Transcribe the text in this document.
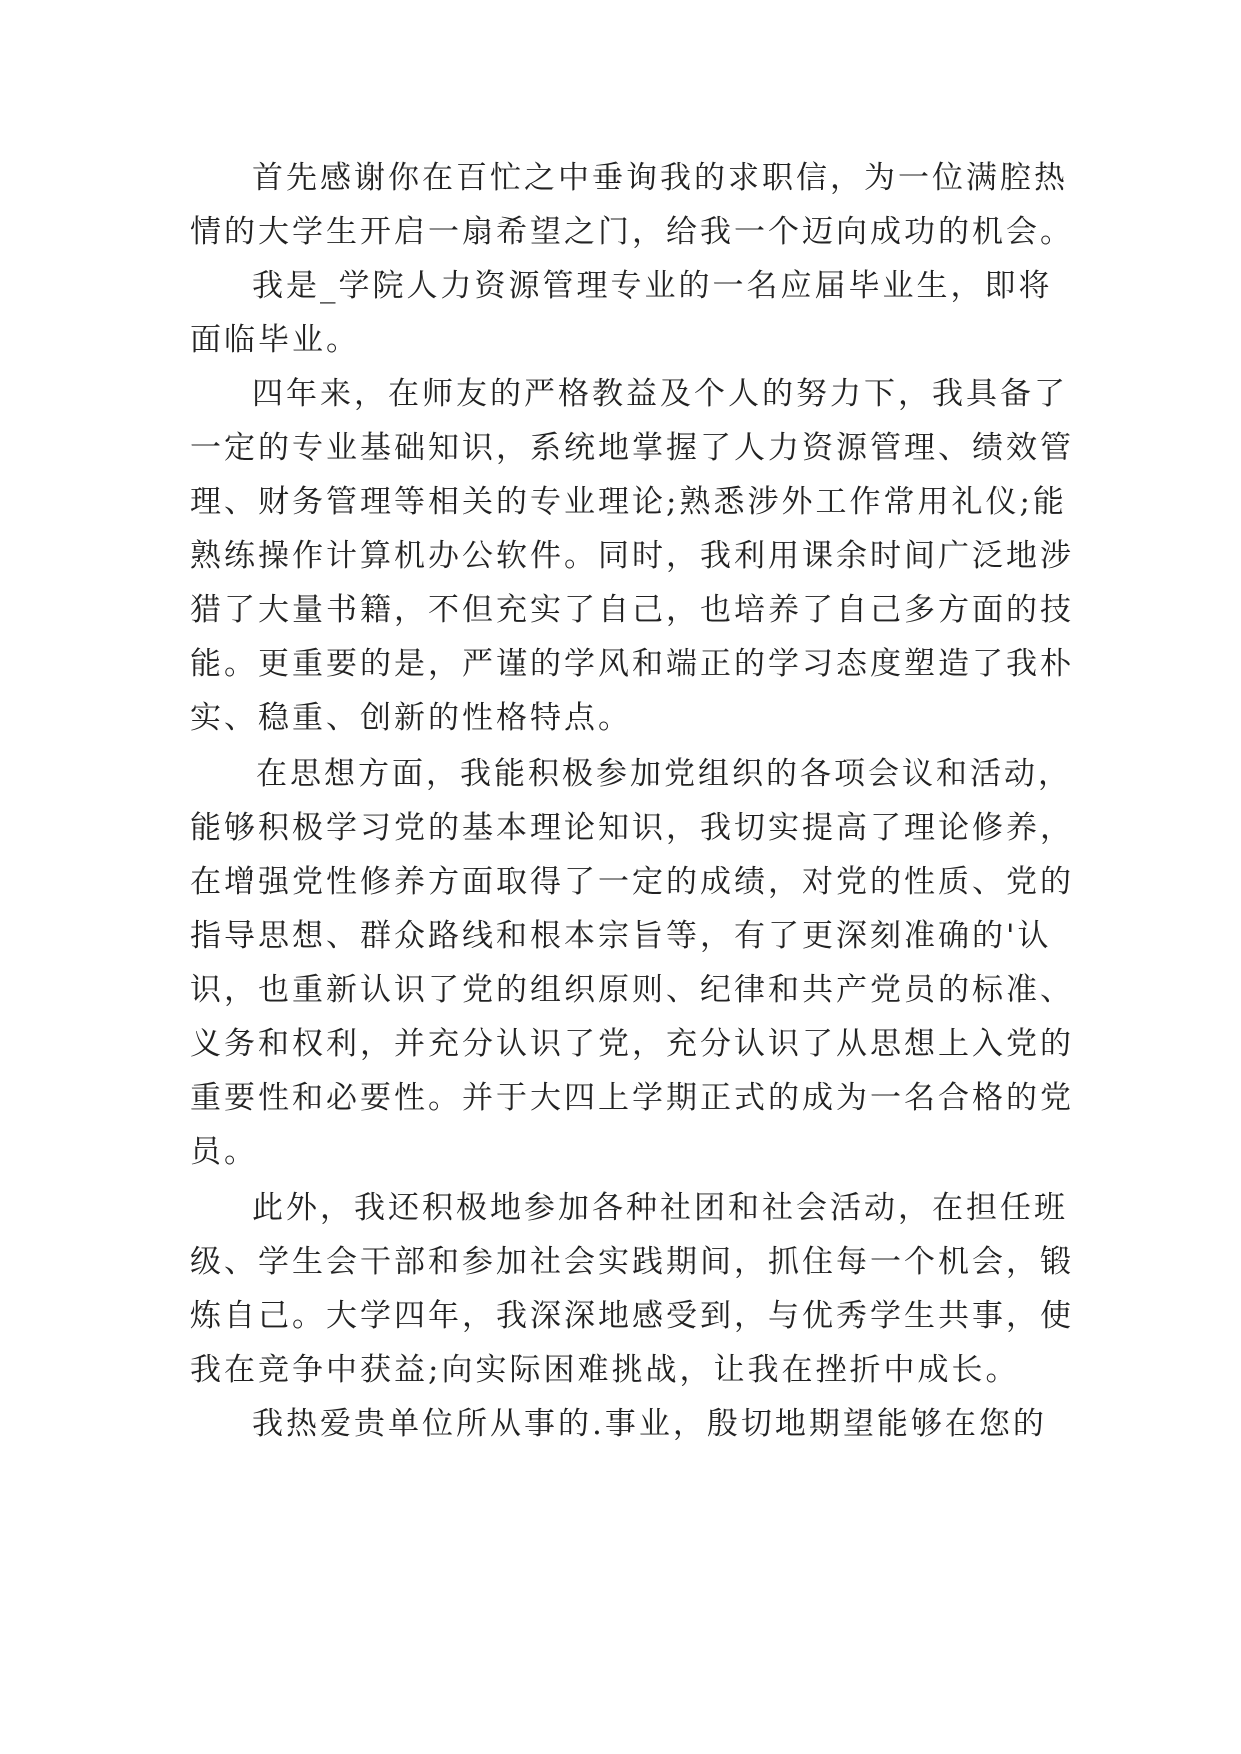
首先感谢你在百忙之中垂询我的求职信，为一位满腔热
情的大学生开启一扇希望之门，给我一个迈向成功的机会。
我是_学院人力资源管理专业的一名应届毕业生，即将
面临毕业。
四年来，在师友的严格教益及个人的努力下，我具备了
一定的专业基础知识，系统地掌握了人力资源管理、绩效管
理、财务管理等相关的专业理论;熟悉涉外工作常用礼仪;能
熟练操作计算机办公软件。同时，我利用课余时间广泛地涉
猎了大量书籍，不但充实了自己，也培养了自己多方面的技
能。更重要的是，严谨的学风和端正的学习态度塑造了我朴
实、稳重、创新的性格特点。
在思想方面，我能积极参加党组织的各项会议和活动，
能够积极学习党的基本理论知识，我切实提高了理论修养，
在增强党性修养方面取得了一定的成绩，对党的性质、党的
指导思想、群众路线和根本宗旨等，有了更深刻准确的'认
识，也重新认识了党的组织原则、纪律和共产党员的标准、
义务和权利，并充分认识了党，充分认识了从思想上入党的
重要性和必要性。并于大四上学期正式的成为一名合格的党
员。
此外，我还积极地参加各种社团和社会活动，在担任班
级、学生会干部和参加社会实践期间，抓住每一个机会，锻
炼自己。大学四年，我深深地感受到，与优秀学生共事，使
我在竞争中获益;向实际困难挑战，让我在挫折中成长。
我热爱贵单位所从事的.事业，殷切地期望能够在您的
